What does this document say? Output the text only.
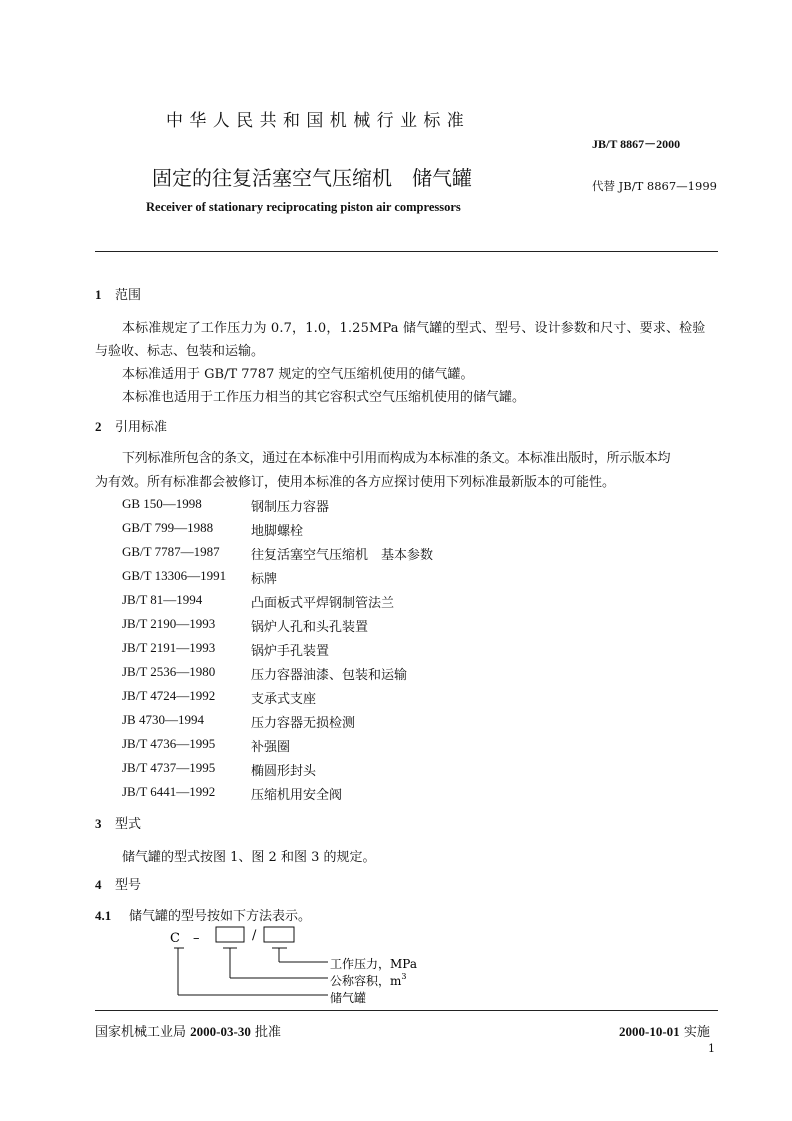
中华人民共和国机械行业标准
JB/T 8867－2000
固定的往复活塞空气压缩机　储气罐	代替 JB/T 8867—1999
Receiver of stationary reciprocating piston air compressors
1 范围
本标准规定了工作压力为 0.7，1.0，1.25MPa 储气罐的型式、型号、设计参数和尺寸、要求、检验
与验收、标志、包装和运输。
本标准适用于 GB/T 7787 规定的空气压缩机使用的储气罐。
本标准也适用于工作压力相当的其它容积式空气压缩机使用的储气罐。
2 引用标准
下列标准所包含的条文，通过在本标准中引用而构成为本标准的条文。本标准出版时，所示版本均
为有效。所有标准都会被修订，使用本标准的各方应探讨使用下列标准最新版本的可能性。
GB 150—1998	钢制压力容器
GB/T 799—1988	地脚螺栓
GB/T 7787—1987 往复活塞空气压缩机　基本参数
GB/T 13306—1991 标牌
JB/T 81—1994	凸面板式平焊钢制管法兰
JB/T 2190—1993	锅炉人孔和头孔装置
JB/T 2191—1993	锅炉手孔装置
JB/T 2536—1980	压力容器油漆、包装和运输
JB/T 4724—1992	支承式支座
JB 4730—1994	压力容器无损检测
JB/T 4736—1995	补强圈
JB/T 4737—1995	椭圆形封头
JB/T 6441—1992	压缩机用安全阀
3 型式
储气罐的型式按图 1、图 2 和图 3 的规定。
4 型号
4.1 储气罐的型号按如下方法表示。
C –	/
工作压力，MPa
公称容积，$m^3$
储气罐
国家机械工业局 2000-03-30 批准	2000-10-01 实施
1
